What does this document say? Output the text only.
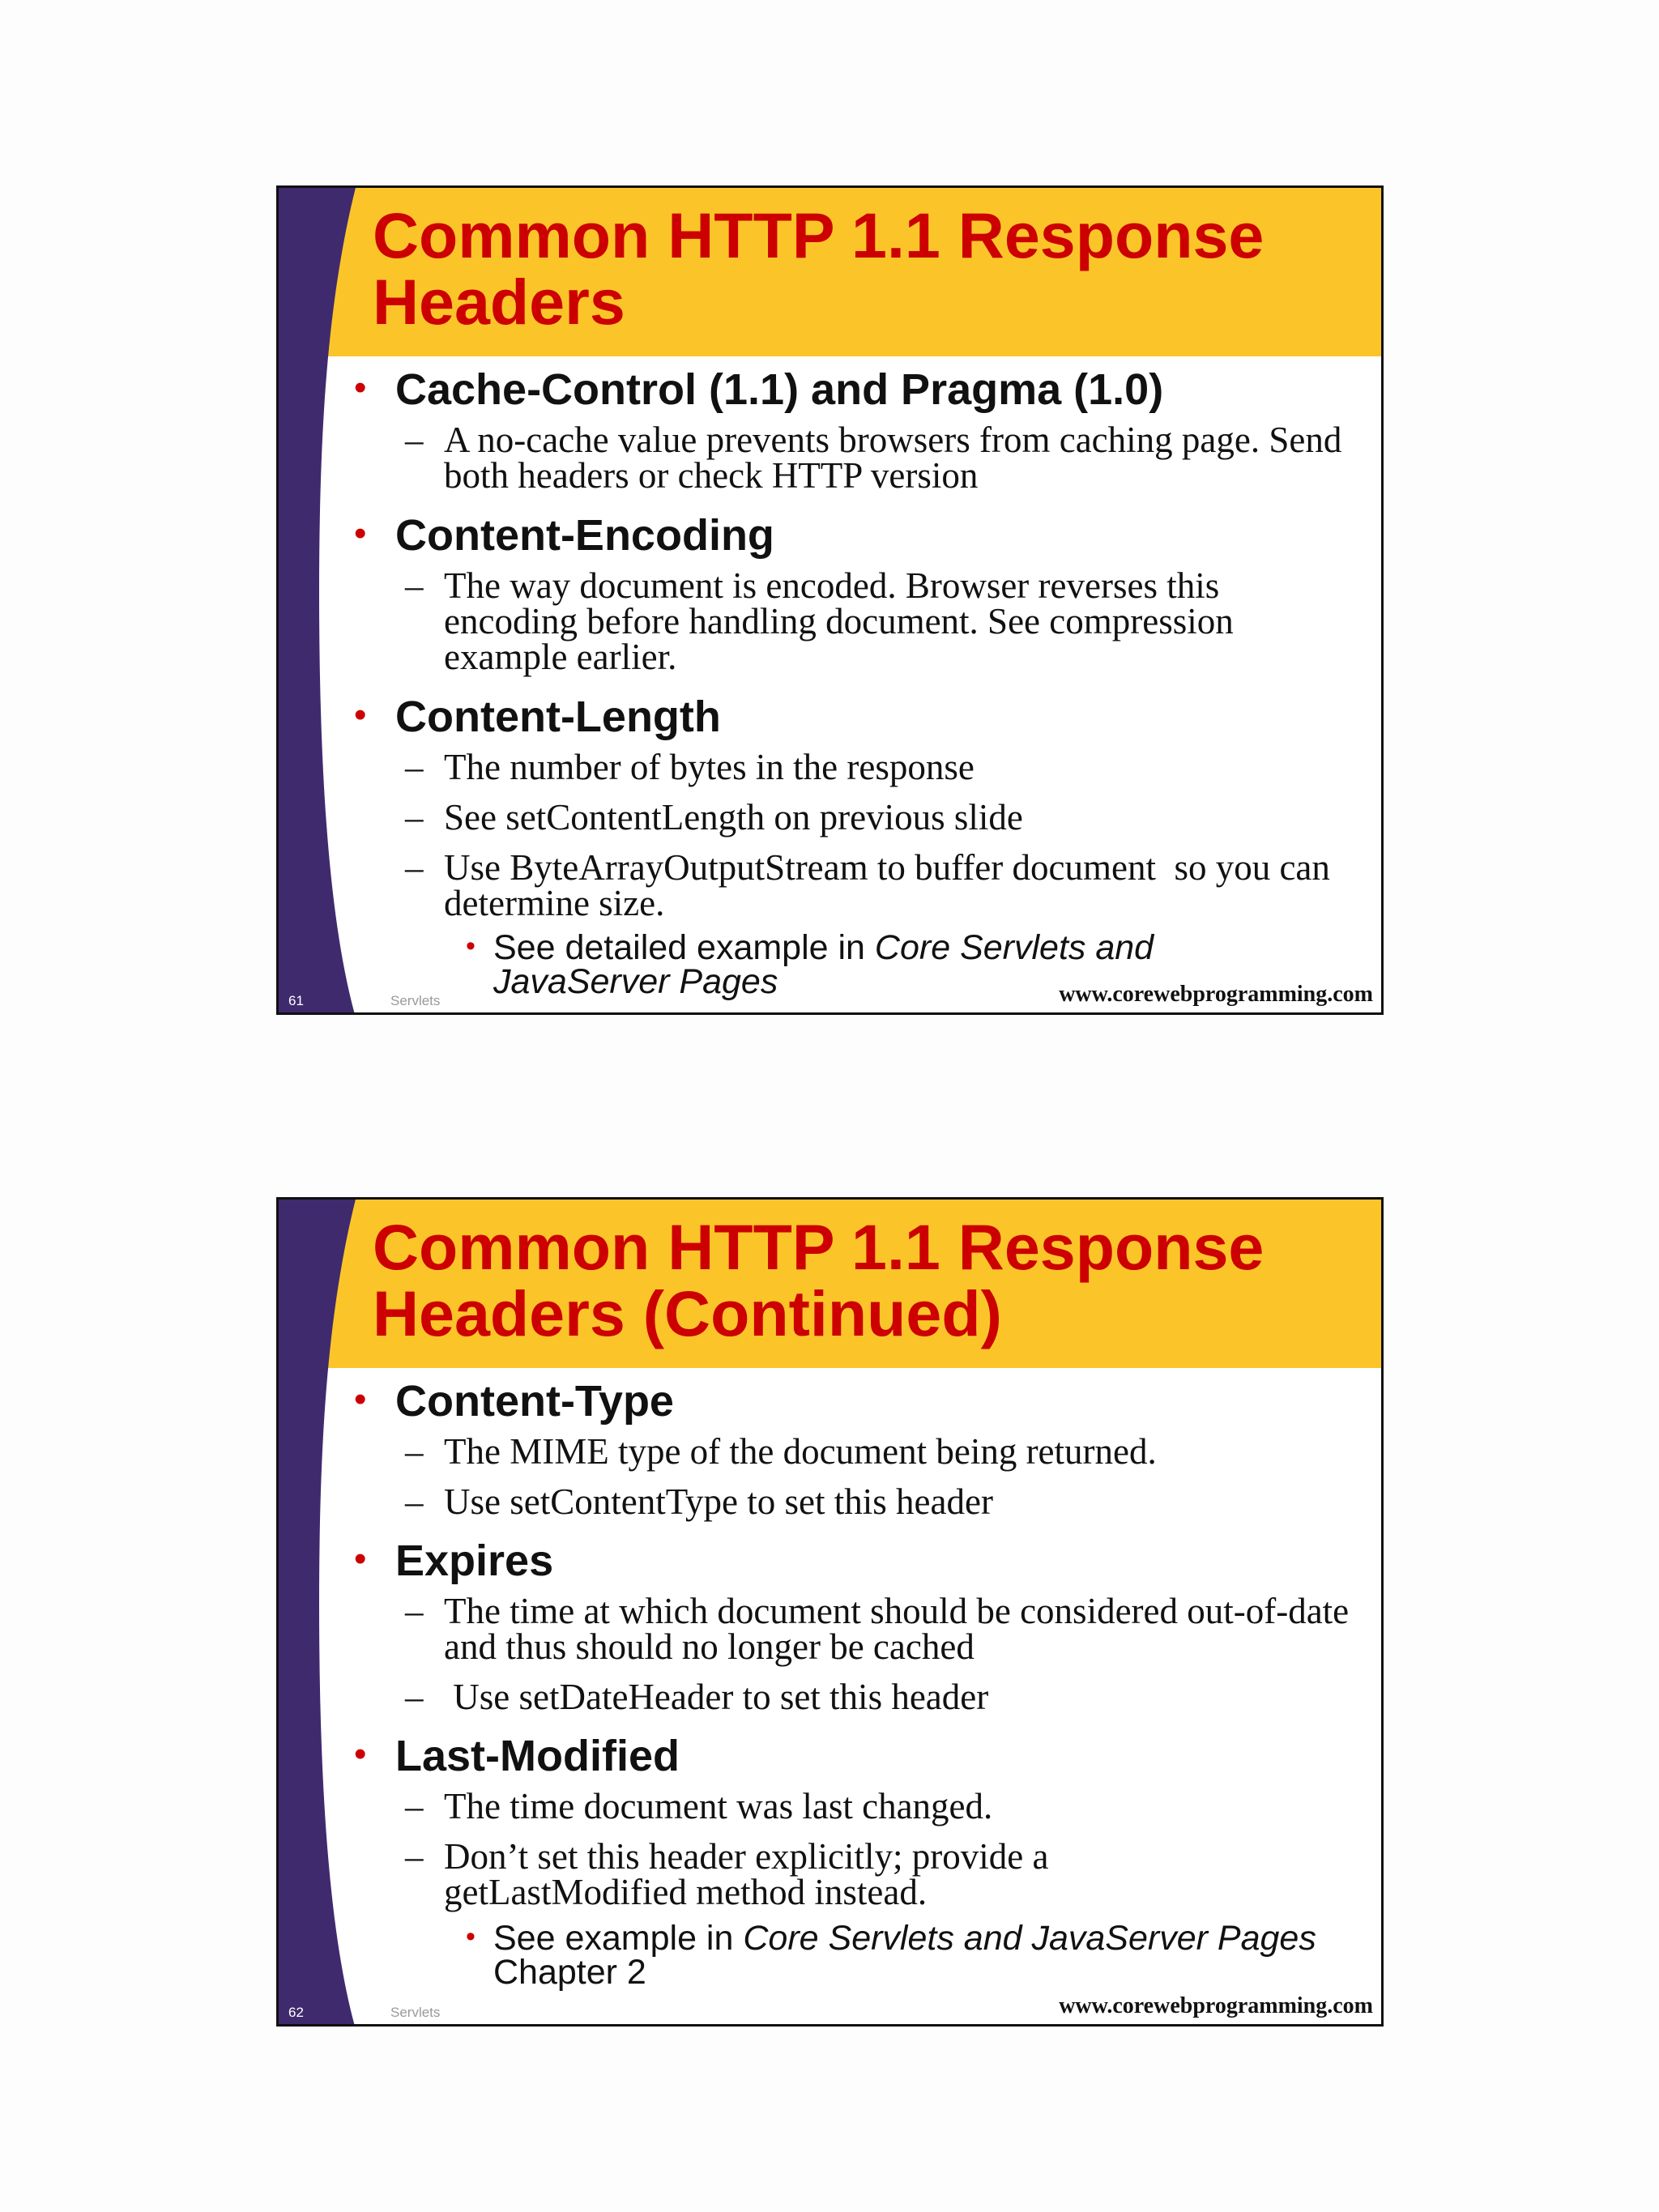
Common HTTP 1.1 Response Headers
• Cache-Control (1.1) and Pragma (1.0)
– A no-cache value prevents browsers from caching page. Send both headers or check HTTP version
• Content-Encoding
– The way document is encoded. Browser reverses this encoding before handling document. See compression example earlier.
• Content-Length
– The number of bytes in the response
– See setContentLength on previous slide
– Use ByteArrayOutputStream to buffer document  so you can determine size.
• See detailed example in Core Servlets and JavaServer Pages
61	Servlets	www.corewebprogramming.com
Common HTTP 1.1 Response Headers (Continued)
• Content-Type
– The MIME type of the document being returned.
– Use setContentType to set this header
• Expires
– The time at which document should be considered out-of-date and thus should no longer be cached
– Use setDateHeader to set this header
• Last-Modified
– The time document was last changed.
– Don’t set this header explicitly; provide a getLastModified method instead.
• See example in Core Servlets and JavaServer Pages Chapter 2
62	Servlets	www.corewebprogramming.com
